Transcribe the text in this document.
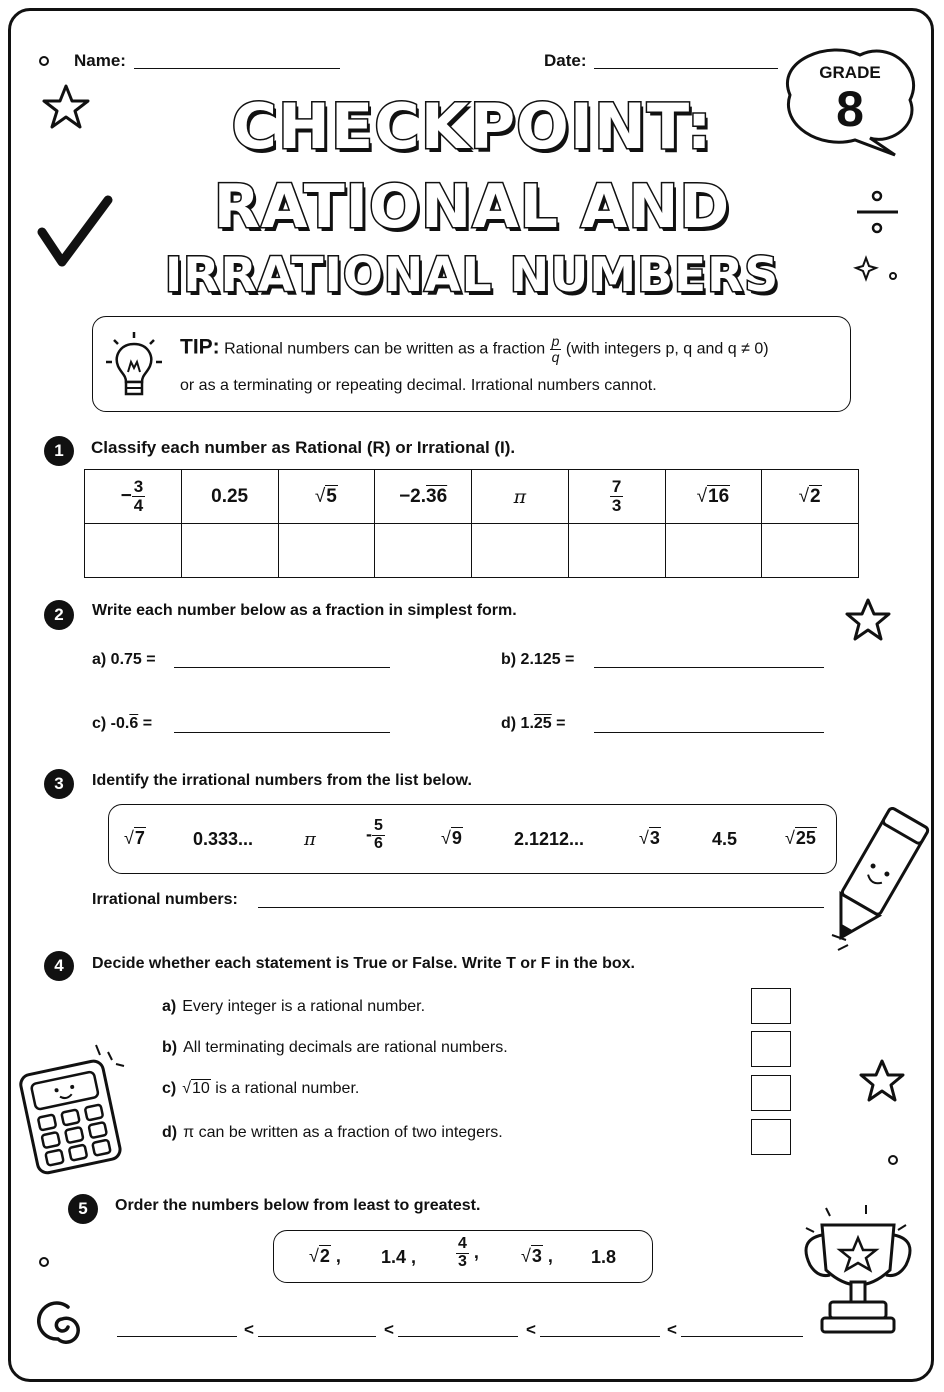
Name:	Date:
GRADE
8
CHECKPOINT:
RATIONAL AND
IRRATIONAL NUMBERS
TIP: Rational numbers can be written as a fraction $\frac{p}{q}$ (with integers p, q and q ≠ 0)
or as a terminating or repeating decimal. Irrational numbers cannot.
1	Classify each number as Rational (R) or Irrational (I).
− $\frac{3}{4}$	0.25	√5	−2.36	π	$\frac{7}{3}$	√16	√2

2	Write each number below as a fraction in simplest form.
a) 0.75 =	b) 2.125 =
c) -0.6 =	d) 1.25 =
3	Identify the irrational numbers from the list below.
√7	0.333...	π	- $\frac{5}{6}$	√9	2.1212...	√3	4.5	√25
Irrational numbers:
4	Decide whether each statement is True or False. Write T or F in the box.
a) Every integer is a rational number.
b) All terminating decimals are rational numbers.
c) √10 is a rational number.
d) π can be written as a fraction of two integers.
5	Order the numbers below from least to greatest.
√2 , 1.4 , $\frac{4}{3}$ , √3 , 1.8
<	<	<	<
